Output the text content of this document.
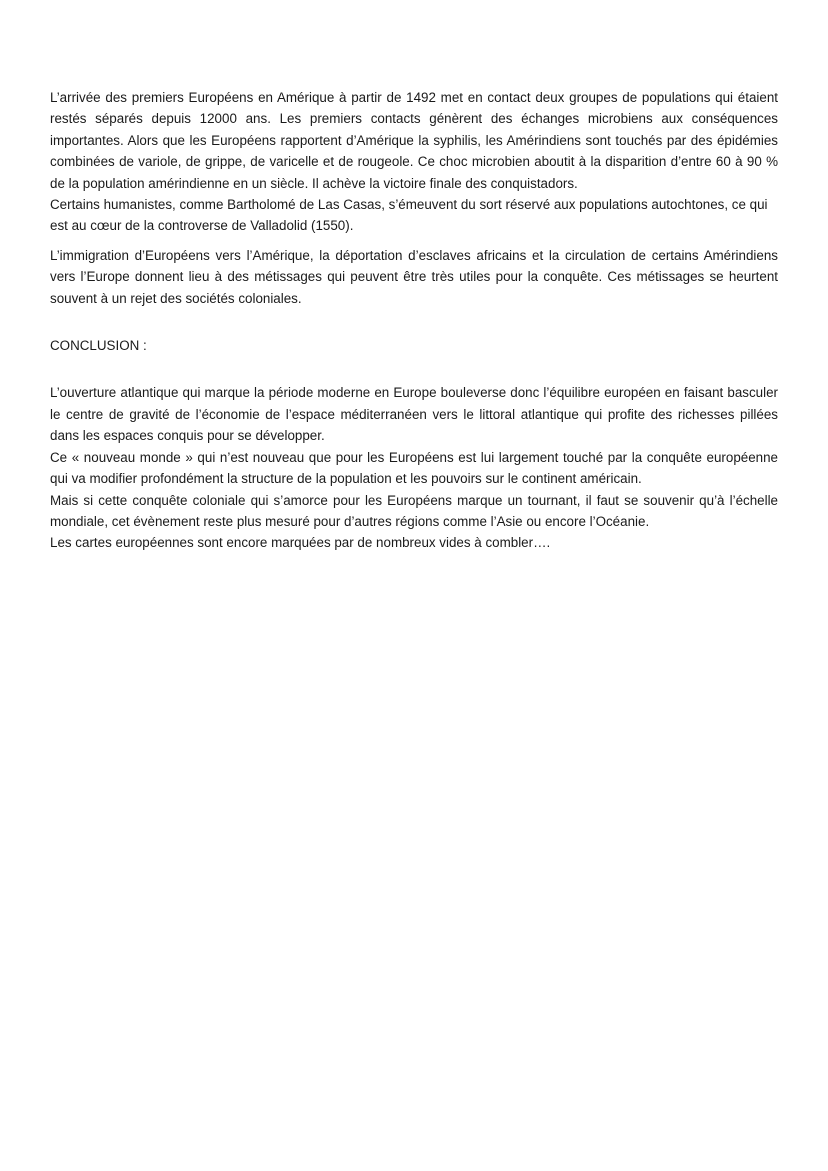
L’arrivée des premiers Européens en Amérique à partir de 1492 met en contact deux groupes de populations qui étaient restés séparés depuis 12000 ans. Les premiers contacts génèrent des échanges microbiens aux conséquences importantes. Alors que les Européens rapportent d’Amérique la syphilis, les Amérindiens sont touchés par des épidémies combinées de variole, de grippe, de varicelle et de rougeole. Ce choc microbien aboutit à la disparition d’entre 60 à 90 % de la population amérindienne en un siècle. Il achève la victoire finale des conquistadors.

Certains humanistes, comme Bartholomé de Las Casas, s’émeuvent du sort réservé aux populations autochtones, ce qui est au cœur de la controverse de Valladolid (1550).

L’immigration d’Européens vers l’Amérique, la déportation d’esclaves africains et la circulation de certains Amérindiens vers l’Europe donnent lieu à des métissages qui peuvent être très utiles pour la conquête. Ces métissages se heurtent souvent à un rejet des sociétés coloniales.

CONCLUSION :

L’ouverture atlantique qui marque la période moderne en Europe bouleverse donc l’équilibre européen en faisant basculer le centre de gravité de l’économie de l’espace méditerranéen vers le littoral atlantique qui profite des richesses pillées dans les espaces conquis pour se développer.

Ce « nouveau monde » qui n’est nouveau que pour les Européens est lui largement touché par la conquête européenne qui va modifier profondément la structure de la population et les pouvoirs sur le continent américain.

Mais si cette conquête coloniale qui s’amorce pour les Européens marque un tournant, il faut se souvenir qu’à l’échelle mondiale, cet évènement reste plus mesuré pour d’autres régions comme l’Asie ou encore l’Océanie.

Les cartes européennes sont encore marquées par de nombreux vides à combler….
